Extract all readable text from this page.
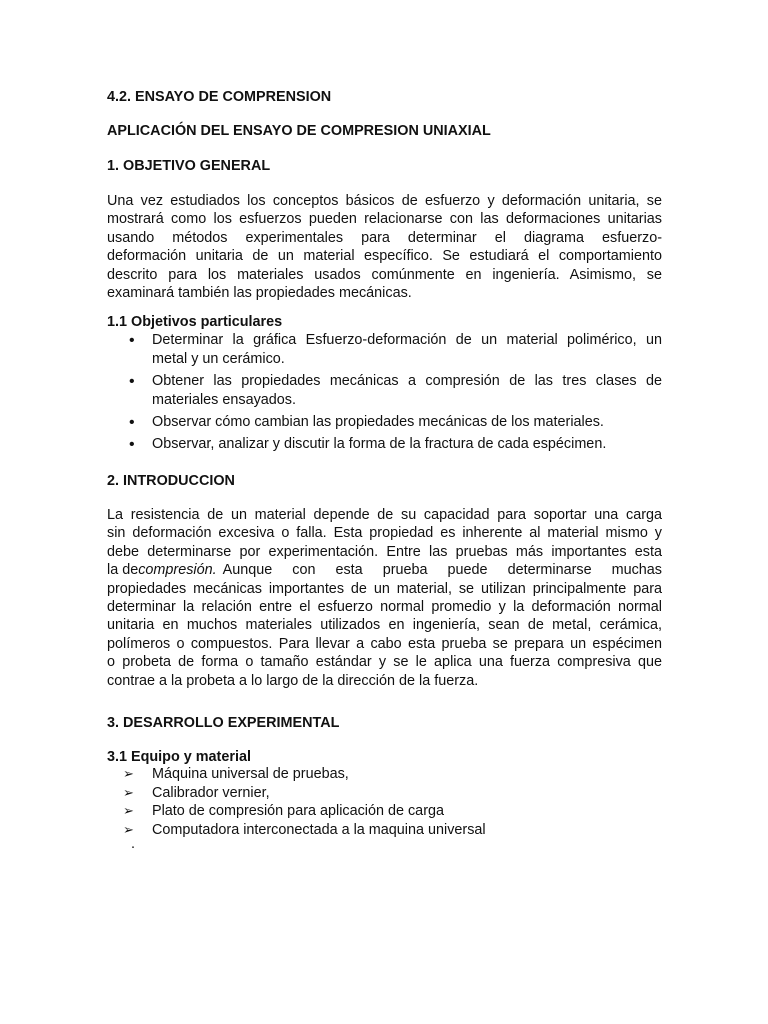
4.2. ENSAYO DE COMPRENSION
APLICACIÓN DEL ENSAYO DE COMPRESION UNIAXIAL
1. OBJETIVO GENERAL
Una vez estudiados los conceptos básicos de esfuerzo y deformación unitaria, se
mostrará como los esfuerzos pueden relacionarse con las deformaciones unitarias
usando métodos experimentales para determinar el diagrama esfuerzo-
deformación unitaria de un material específico. Se estudiará el comportamiento
descrito para los materiales usados comúnmente en ingeniería. Asimismo, se
examinará también las propiedades mecánicas.
1.1 Objetivos particulares
• Determinar la gráfica Esfuerzo-deformación de un material polimérico, un
metal y un cerámico.
• Obtener las propiedades mecánicas a compresión de las tres clases de
materiales ensayados.
• Observar cómo cambian las propiedades mecánicas de los materiales.
• Observar, analizar y discutir la forma de la fractura de cada espécimen.
2. INTRODUCCION
La resistencia de un material depende de su capacidad para soportar una carga
sin deformación excesiva o falla. Esta propiedad es inherente al material mismo y
debe determinarse por experimentación. Entre las pruebas más importantes esta
la de compresión. Aunque con esta prueba puede determinarse muchas
propiedades mecánicas importantes de un material, se utilizan principalmente para
determinar la relación entre el esfuerzo normal promedio y la deformación normal
unitaria en muchos materiales utilizados en ingeniería, sean de metal, cerámica,
polímeros o compuestos. Para llevar a cabo esta prueba se prepara un espécimen
o probeta de forma o tamaño estándar y se le aplica una fuerza compresiva que
contrae a la probeta a lo largo de la dirección de la fuerza.
3. DESARROLLO EXPERIMENTAL
3.1 Equipo y material
➢ Máquina universal de pruebas,
➢ Calibrador vernier,
➢ Plato de compresión para aplicación de carga
➢ Computadora interconectada a la maquina universal
.
